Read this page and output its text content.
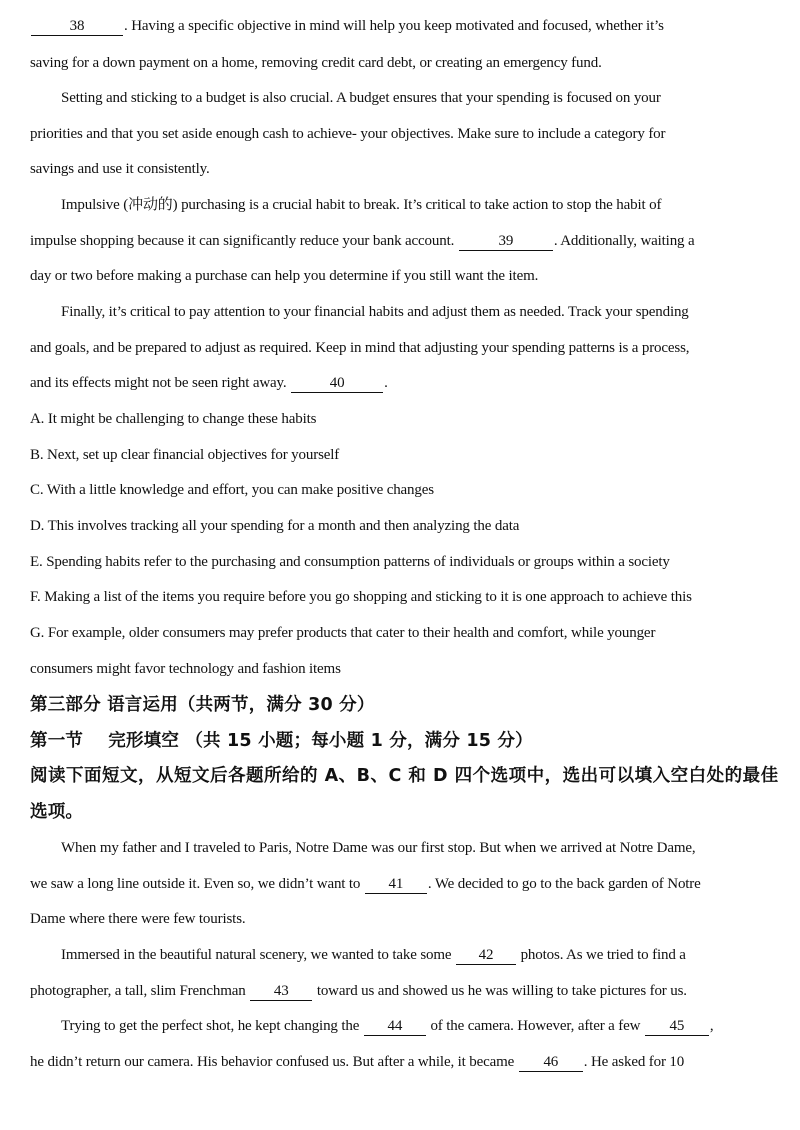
38	. Having a specific objective in mind will help you keep motivated and focused, whether it’s
saving for a down payment on a home, removing credit card debt, or creating an emergency fund.
Setting and sticking to a budget is also crucial. A budget ensures that your spending is focused on your
priorities and that you set aside enough cash to achieve- your objectives. Make sure to include a category for
savings and use it consistently.
Impulsive (冲动的) purchasing is a crucial habit to break. It’s critical to take action to stop the habit of
impulse shopping because it can significantly reduce your bank account.	39	. Additionally, waiting a
day or two before making a purchase can help you determine if you still want the item.
Finally, it’s critical to pay attention to your financial habits and adjust them as needed. Track your spending
and goals, and be prepared to adjust as required. Keep in mind that adjusting your spending patterns is a process,
and its effects might not be seen right away.	40	.
A. It might be challenging to change these habits
B. Next, set up clear financial objectives for yourself
C. With a little knowledge and effort, you can make positive changes
D. This involves tracking all your spending for a month and then analyzing the data
E. Spending habits refer to the purchasing and consumption patterns of individuals or groups within a society
F. Making a list of the items you require before you go shopping and sticking to it is one approach to achieve this
G. For example, older consumers may prefer products that cater to their health and comfort, while younger
consumers might favor technology and fashion items
第三部分 语言运用（共两节，满分 30 分）
第一节    完形填空 （共 15 小题；每小题 1 分，满分 15 分）
阅读下面短文，从短文后各题所给的 A、B、C 和 D 四个选项中，选出可以填入空白处的最佳
选项。
When my father and I traveled to Paris, Notre Dame was our first stop. But when we arrived at Notre Dame,
we saw a long line outside it. Even so, we didn’t want to 41 . We decided to go to the back garden of Notre
Dame where there were few tourists.
Immersed in the beautiful natural scenery, we wanted to take some 42 photos. As we tried to find a
photographer, a tall, slim Frenchman 43 toward us and showed us he was willing to take pictures for us.
Trying to get the perfect shot, he kept changing the 44 of the camera. However, after a few 45 ,
he didn’t return our camera. His behavior confused us. But after a while, it became 46 . He asked for 10
